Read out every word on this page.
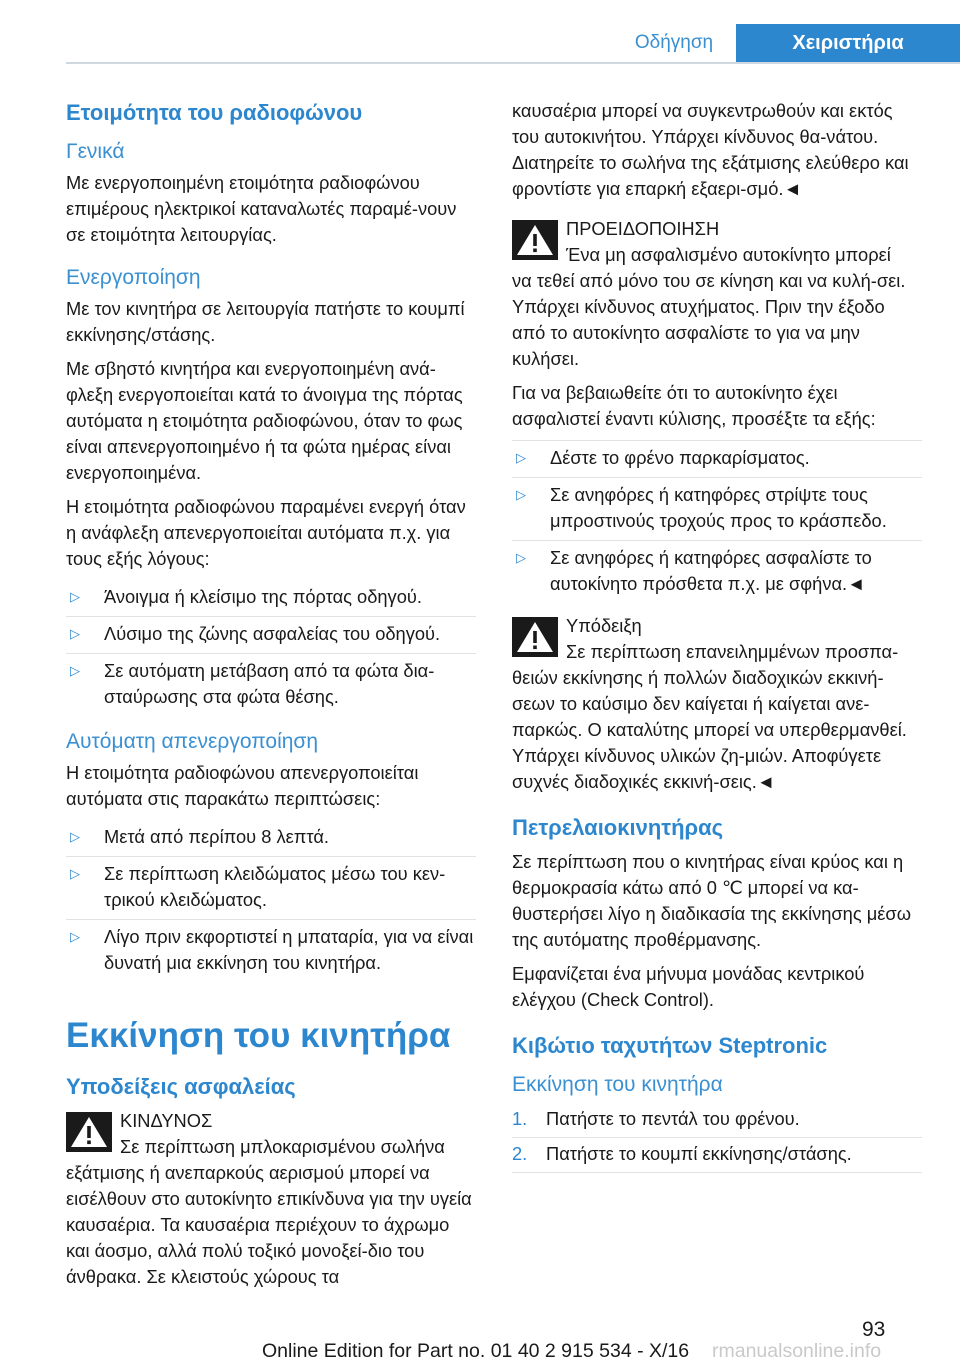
Οδήγηση	Χειριστήρια
Ετοιμότητα του ραδιοφώνου
Γενικά
Με ενεργοποιημένη ετοιμότητα ραδιοφώνου επιμέρους ηλεκτρικοί καταναλωτές παραμέ-νουν σε ετοιμότητα λειτουργίας.
Ενεργοποίηση
Με τον κινητήρα σε λειτουργία πατήστε το κουμπί εκκίνησης/στάσης.
Με σβηστό κινητήρα και ενεργοποιημένη ανά-φλεξη ενεργοποιείται κατά το άνοιγμα της πόρτας αυτόματα η ετοιμότητα ραδιοφώνου, όταν το φως είναι απενεργοποιημένο ή τα φώτα ημέρας είναι ενεργοποιημένα.
Η ετοιμότητα ραδιοφώνου παραμένει ενεργή όταν η ανάφλεξη απενεργοποιείται αυτόματα π.χ. για τους εξής λόγους:
▷	Άνοιγμα ή κλείσιμο της πόρτας οδηγού.
▷	Λύσιμο της ζώνης ασφαλείας του οδηγού.
▷	Σε αυτόματη μετάβαση από τα φώτα δια-σταύρωσης στα φώτα θέσης.
Αυτόματη απενεργοποίηση
Η ετοιμότητα ραδιοφώνου απενεργοποιείται αυτόματα στις παρακάτω περιπτώσεις:
▷	Μετά από περίπου 8 λεπτά.
▷	Σε περίπτωση κλειδώματος μέσω του κεν-τρικού κλειδώματος.
▷	Λίγο πριν εκφορτιστεί η μπαταρία, για να είναι δυνατή μια εκκίνηση του κινητήρα.
Εκκίνηση του κινητήρα
Υποδείξεις ασφαλείας
ΚΙΝΔΥΝΟΣ
Σε περίπτωση μπλοκαρισμένου σωλήνα
εξάτμισης ή ανεπαρκούς αερισμού μπορεί να εισέλθουν στο αυτοκίνητο επικίνδυνα για την υγεία καυσαέρια. Τα καυσαέρια περιέχουν το άχρωμο και άοσμο, αλλά πολύ τοξικό μονοξεί-διο του άνθρακα. Σε κλειστούς χώρους τα
καυσαέρια μπορεί να συγκεντρωθούν και εκτός του αυτοκινήτου. Υπάρχει κίνδυνος θα-νάτου. Διατηρείτε το σωλήνα της εξάτμισης ελεύθερο και φροντίστε για επαρκή εξαερι-σμό.◄
ΠΡΟΕΙΔΟΠΟΙΗΣΗ
Ένα μη ασφαλισμένο αυτοκίνητο μπορεί
να τεθεί από μόνο του σε κίνηση και να κυλή-σει. Υπάρχει κίνδυνος ατυχήματος. Πριν την έξοδο από το αυτοκίνητο ασφαλίστε το για να μην κυλήσει.
Για να βεβαιωθείτε ότι το αυτοκίνητο έχει ασφαλιστεί έναντι κύλισης, προσέξτε τα εξής:
▷	Δέστε το φρένο παρκαρίσματος.
▷	Σε ανηφόρες ή κατηφόρες στρίψτε τους μπροστινούς τροχούς προς το κράσπεδο.
▷	Σε ανηφόρες ή κατηφόρες ασφαλίστε το αυτοκίνητο πρόσθετα π.χ. με σφήνα.◄
Υπόδειξη
Σε περίπτωση επανειλημμένων προσπα-
θειών εκκίνησης ή πολλών διαδοχικών εκκινή-σεων το καύσιμο δεν καίγεται ή καίγεται ανε-παρκώς. Ο καταλύτης μπορεί να υπερθερμανθεί. Υπάρχει κίνδυνος υλικών ζη-μιών. Αποφύγετε συχνές διαδοχικές εκκινή-σεις.◄
Πετρελαιοκινητήρας
Σε περίπτωση που ο κινητήρας είναι κρύος και η θερμοκρασία κάτω από 0 ℃ μπορεί να κα-θυστερήσει λίγο η διαδικασία της εκκίνησης μέσω της αυτόματης προθέρμανσης.
Εμφανίζεται ένα μήνυμα μονάδας κεντρικού ελέγχου (Check Control).
Κιβώτιο ταχυτήτων Steptronic
Εκκίνηση του κινητήρα
1.	Πατήστε το πεντάλ του φρένου.
2.	Πατήστε το κουμπί εκκίνησης/στάσης.
93
Online Edition for Part no. 01 40 2 915 534 - X/16 rmanualsonline.info
